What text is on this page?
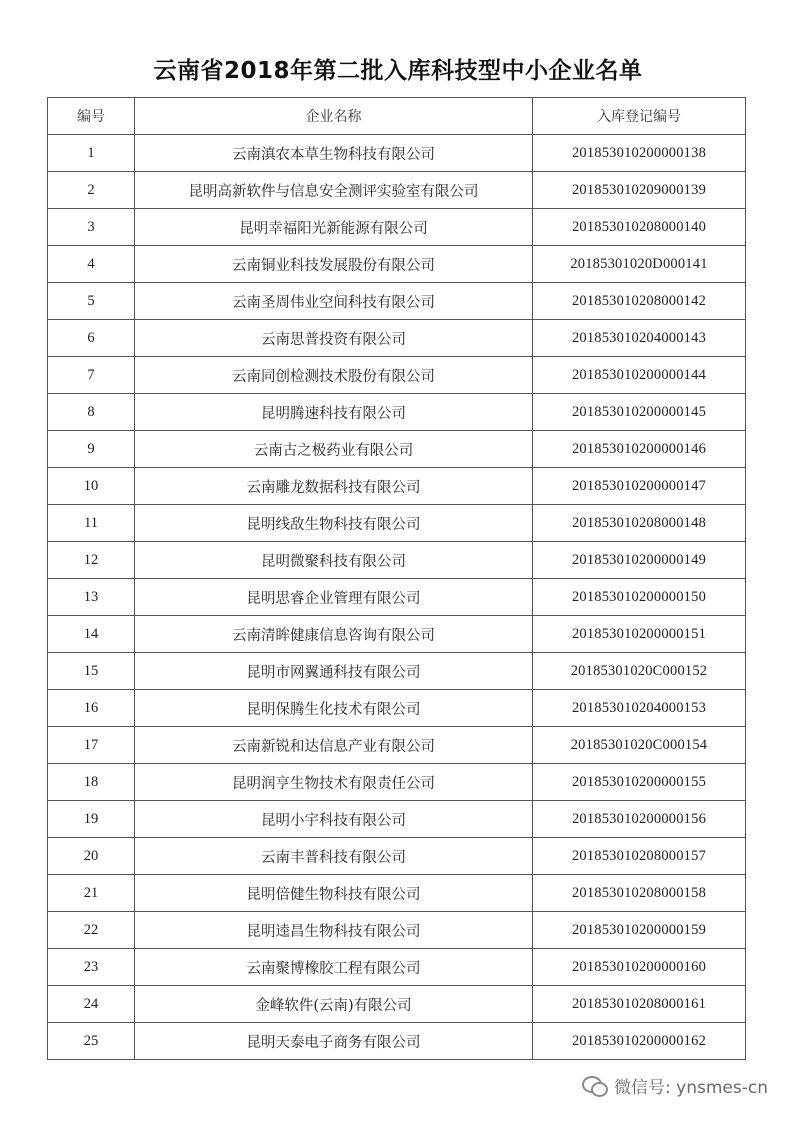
云南省2018年第二批入库科技型中小企业名单
编号	企业名称	入库登记编号
1	云南滇农本草生物科技有限公司	201853010200000138
2	昆明高新软件与信息安全测评实验室有限公司	201853010209000139
3	昆明幸福阳光新能源有限公司	201853010208000140
4	云南铜业科技发展股份有限公司	20185301020D000141
5	云南圣周伟业空间科技有限公司	201853010208000142
6	云南思普投资有限公司	201853010204000143
7	云南同创检测技术股份有限公司	201853010200000144
8	昆明腾速科技有限公司	201853010200000145
9	云南古之极药业有限公司	201853010200000146
10	云南雕龙数据科技有限公司	201853010200000147
11	昆明线敌生物科技有限公司	201853010208000148
12	昆明微聚科技有限公司	201853010200000149
13	昆明思睿企业管理有限公司	201853010200000150
14	云南清眸健康信息咨询有限公司	201853010200000151
15	昆明市网翼通科技有限公司	20185301020C000152
16	昆明保腾生化技术有限公司	201853010204000153
17	云南新锐和达信息产业有限公司	20185301020C000154
18	昆明润亨生物技术有限责任公司	201853010200000155
19	昆明小宇科技有限公司	201853010200000156
20	云南丰普科技有限公司	201853010208000157
21	昆明倍健生物科技有限公司	201853010208000158
22	昆明逵昌生物科技有限公司	201853010200000159
23	云南聚博橡胶工程有限公司	201853010200000160
24	金峰软件(云南)有限公司	201853010208000161
25	昆明天泰电子商务有限公司	201853010200000162
微信号: ynsmes-cn
